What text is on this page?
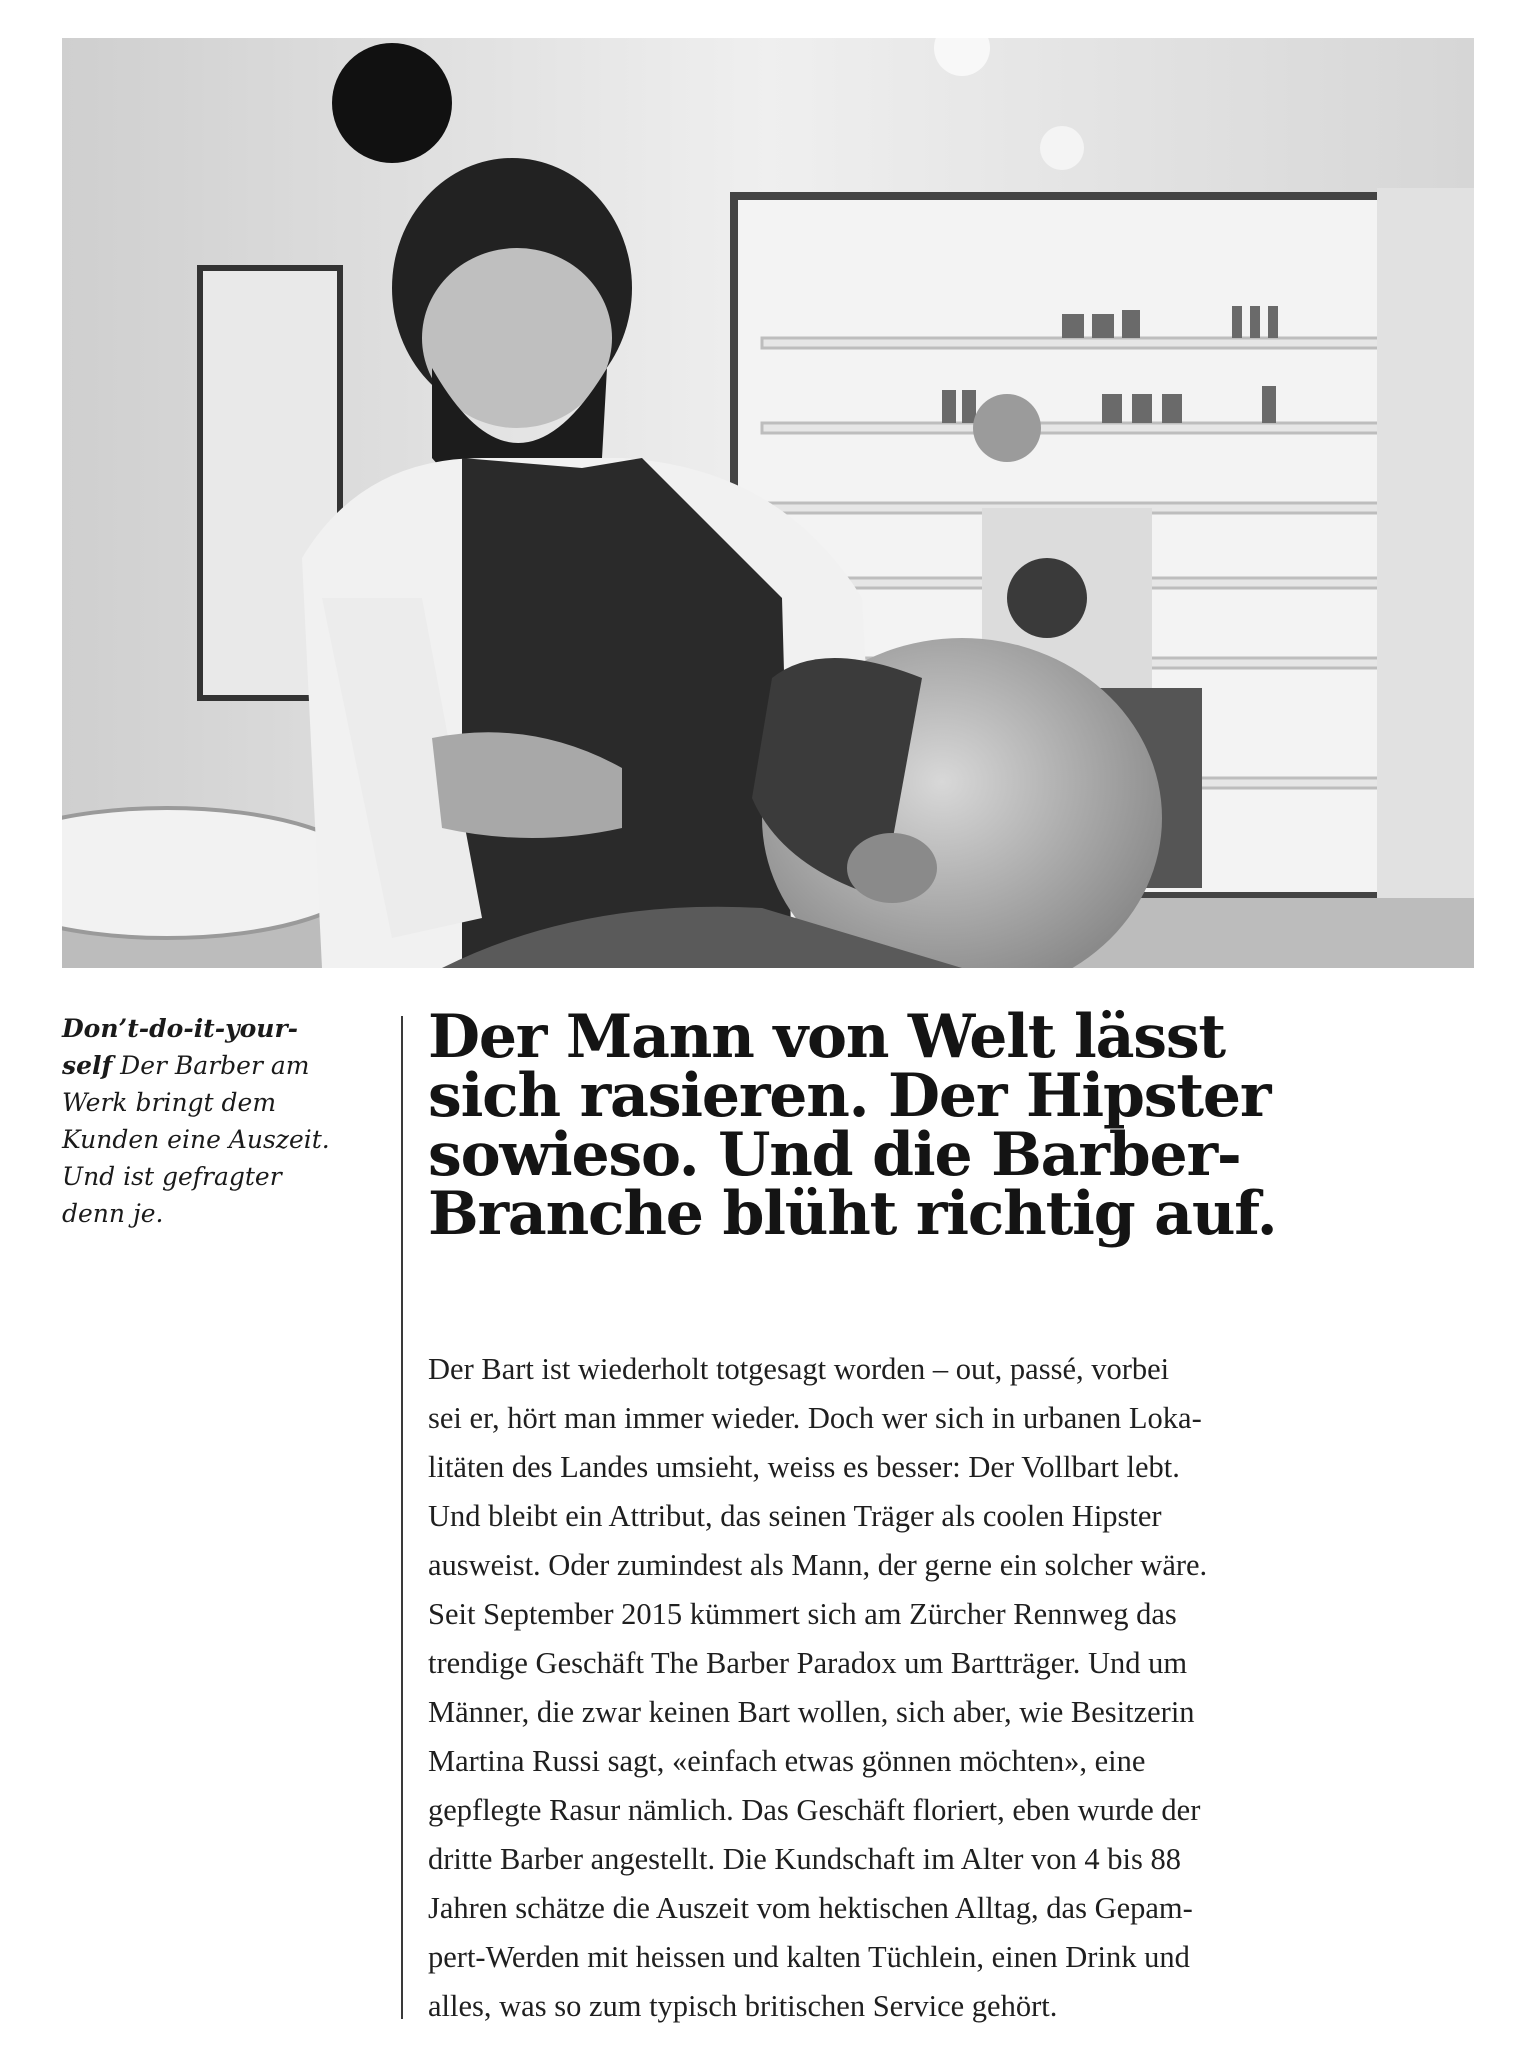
Don’t-do-it-your-
self Der Barber am
Werk bringt dem
Kunden eine Auszeit.
Und ist gefragter
denn je.
Der Mann von Welt lässt
sich rasieren. Der Hipster
sowieso. Und die Barber-
Branche blüht richtig auf.

Der Bart ist wiederholt totgesagt worden – out, passé, vorbei
sei er, hört man immer wieder. Doch wer sich in urbanen Loka-
litäten des Landes umsieht, weiss es besser: Der Vollbart lebt.
Und bleibt ein Attribut, das seinen Träger als coolen Hipster
ausweist. Oder zumindest als Mann, der gerne ein solcher wäre.
Seit September 2015 kümmert sich am Zürcher Rennweg das
trendige Geschäft The Barber Paradox um Bartträger. Und um
Männer, die zwar keinen Bart wollen, sich aber, wie Besitzerin
Martina Russi sagt, «einfach etwas gönnen möchten», eine
gepflegte Rasur nämlich. Das Geschäft floriert, eben wurde der
dritte Barber angestellt. Die Kundschaft im Alter von 4 bis 88
Jahren schätze die Auszeit vom hektischen Alltag, das Gepam-
pert-Werden mit heissen und kalten Tüchlein, einen Drink und
alles, was so zum typisch britischen Service gehört.
